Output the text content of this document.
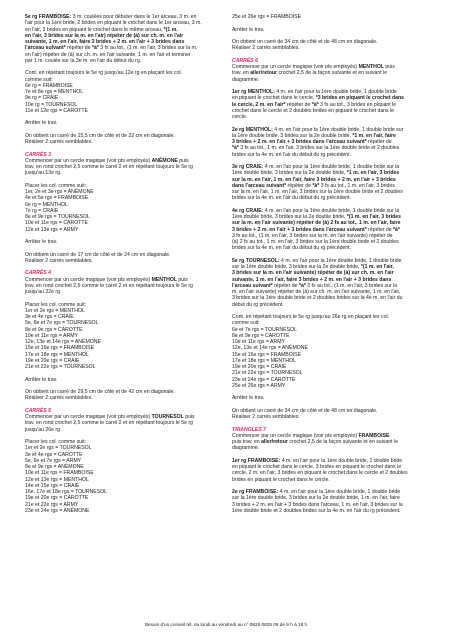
5e rg FRAMBOISE: 3 m. coulées pour débuter dans le 1er arceau, 3 m. en
l'air pour la 1ère bride, 2 brides en piquant le crochet dans le 1er arceau, 3 m.
en l'air, 3 brides en piquant le crochet dans le même arceau, *(1 m.
en l'air, 3 brides sur la m. en l'air) répéter de (à) sur ch. m. en l'air
suivante, 1 m. en l'air, faire 3 brides + 2 m. en l'air + 3 brides dans
l'arceau suivant* répéter de *à* 3 fs au tot., (1 m. en l'air, 3 brides sur la m.
en l'air) répéter de (à) sur ch. m. en l'air suivante, 1 m. en l'air et terminer
par 1 m. coulée sur la 3e m. en l'air du début du rg.
Cont. en répétant toujours le 5e rg jusqu'au 12e rg en plaçant les col.
comme suit:
6e rg = FRAMBOISE
7e et 8e rgs = MENTHOL
9e rg = CRAIE
10e rg = TOURNESOL
11e et 12e rgs = CAROTTE
Arrêter le trav.
On obtient un carré de 15,5 cm de côté et de 22 cm en diagonale.
Réaliser 2 carrés semblables.
CARRÉS 3
Commencer par un cercle magique (voir pts employés) ANÉMONE puis
trav. en rond crochet 2,5 comme le carré 2 et en répétant toujours le 5e rg
jusqu'au 13e rg.
Placer les col. comme suit:
1er, 2e et 3e rgs = ANÉMONE
4e et 5e rgs = FRAMBOISE
6e rg = MENTHOL
7e rg = CRAIE
8e et 9e rgs = TOURNESOL
10e et 11e rgs = CAROTTE
12e et 13e rgs = ARMY
Arrêter le trav.
On obtient un carré de 17 cm de côté et de 24 cm en diagonale.
Réaliser 2 carrés semblables.
CARRÉS 4
Commencer par un cercle magique (voir pts employés) MENTHOL puis
trav. en rond crochet 2,5 comme le carré 2 et en répétant toujours le 5e rg
jusqu'au 22e rg.
Placer les col. comme suit:
1er et 2e rgs = MENTHOL
3e et 4e rgs = CRAIE
5e, 6e et 7e rgs = TOURNESOL
8e et 9e rgs = CAROTTE
10e et 11e rgs = ARMY
12e, 13e et 14e rgs = ANÉMONE
15e et 16e rgs = FRAMBOISE
17e et 18e rgs = MENTHOL
19e et 20e rgs = CRAIE
21e et 22e rgs = TOURNESOL
Arrêter le trav.
On obtient un carré de 29,5 cm de côté et de 42 cm en diagonale.
Réaliser 2 carrés semblables.
CARRÉS 5
Commencer par un cercle magique (voir pts employés) TOURNESOL puis
trav. en rond crochet 2,5 comme le carré 2 et en répétant toujours le 5e rg
jusqu'au 26e rg.
Placer les col. comme suit:
1er et 2e rgs = TOURNESOL
3e et 4e rgs = CAROTTE
5e, 6e et 7e rgs = ARMY
8e et 9e rgs = ANÉMONE
10e et 11e rgs = FRAMBOISE
12e et 13e rgs = MENTHOL
14e et 15e rgs = CRAIE
16e, 17e et 18e rgs = TOURNESOL
19e et 20e rgs = CAROTTE
21e et 22e rgs = ARMY
23e et 24e rgs = ANÉMONE
25e et 26e rgs = FRAMBOISE
Arrêter le trav.
On obtient un carré de 34 cm de côté et de 48 cm en diagonale.
Réaliser 2 carrés semblables.
CARRÉS 6
Commencer par un cercle magique (voir pts employés) MENTHOL puis
trav. en aller/retour crochet 2,5 de la façon suivante et en suivant le
diagramme.
1er rg MENTHOL: 4 m. en l'air pour la 1ère double bride, 1 double bride
en piquant le crochet dans le cercle, *3 brides en piquant le crochet dans
le cercle, 2 m. en l'air* répéter de *à* 3 fs au tot., 3 brides en piquant le
crochet dans le cercle et 2 doubles brides en piquant le crochet dans le
cercle.
2e rg MENTHOL: 4 m. en l'air pour la 1ère double bride, 1 double bride sur
la 1ère double bride, 3 brides sur la 2e double bride, *1 m. en l'air, faire
3 brides + 2 m. en l'air + 3 brides dans l'arceau suivant* répéter de
*à* 3 fs au tot., 1 m. en l'air, 3 brides sur la 1ère double bride et 2 doubles
brides sur la 4e m. en l'air du début du rg précédent.
3e rg CRAIE: 4 m. en l'air pour la 1ère double bride, 1 double bride sur la
1ère double bride, 3 brides sur la 2e double bride, *1 m. en l'air, 3 brides
sur la m. en l'air, 1 m. en l'air, faire 3 brides + 2 m. en l'air + 3 brides
dans l'arceau suivant* répéter de *à* 3 fs au tot., 1 m. en l'air, 3 brides
sur la m. en l'air, 1 m. en l'air, 3 brides sur la 1ère double bride et 2 doubles
brides sur la 4e m. en l'air du début du rg précédent.
4e rg CRAIE: 4 m. en l'air pour la 1ère double bride, 1 double bride sur la
1ère double bride, 3 brides sur la 2e double bride, *(1 m. en l'air, 3 brides
sur la m. en l'air suivante) répéter de (à) 2 fs au tot., 1 m. en l'air, faire
3 brides + 2 m. en l'air + 3 brides dans l'arceau suivant* répéter de *à*
3 fs au tot., (1 m. en l'air, 3 brides sur la m. en l'air suivante) répéter de
(à) 2 fs au tot., 1 m. en l'air, 3 brides sur la 1ère double bride et 2 doubles
brides sur la 4e m. en l'air du début du rg précédent.
5e rg TOURNESOL: 4 m. en l'air pour la 1ère double bride, 1 double bride
sur la 1ère double bride, 3 brides sur la 2e double bride, *(1 m. en l'air,
3 brides sur la m. en l'air suivante) répéter de (à) sur ch. m. en l'air
suivante, 1 m. en l'air, faire 3 brides + 2 m. en l'air + 3 brides dans
l'arceau suivant* répéter de *à* 3 fs au tot., (1 m. en l'air, 3 brides sur la
m. en l'air suivante) répéter de (à) sur ch. m. en l'air suivante, 1 m. en l'air,
3 brides sur la 1ère double bride et 2 doubles brides sur la 4e m. en l'air du
début du rg précédent.
Cont. en répétant toujours le 5e rg jusqu'au 26e rg en plaçant les col.
comme suit:
6e et 7e rgs = TOURNESOL
8e et 9e rgs = CAROTTE
10e et 11e rgs = ARMY
12e, 13e et 14e rgs = ANÉMONE
15e et 16e rgs = FRAMBOISE
17e et 18e rgs = MENTHOL
19e et 20e rgs = CRAIE
21e et 22e rgs = TOURNESOL
23e et 24e rgs = CAROTTE
25e et 26e rgs = ARMY
Arrêter le trav.
On obtient un carré de 34 cm de côté et de 48 cm en diagonale.
Réaliser 2 carrés semblables.
TRIANGLES 7
Commencer par un cercle magique (voir pts employés) FRAMBOISE
puis trav. en aller/retour crochet 2,5 de la façon suivante et en suivant le
diagramme.
1er rg FRAMBOISE: 4 m. en l'air pour la 1ère double bride, 1 double bride
en piquant le crochet dans le cercle, 3 brides en piquant le crochet dans le
cercle, 2 m. en l'air, 3 brides en piquant le crochet dans le cercle et 2 doubles
brides en piquant le crochet dans le cercle.
2e rg FRAMBOISE: 4 m. en l'air pour la 1ère double bride, 1 double bride
sur la 1ère double bride, 3 brides sur la 2e double bride, 1 m. en l'air, faire
3 brides + 2 m. en l'air + 3 brides dans l'arceau, 1 m. en l'air, 3 brides sur la
1ère double bride et 2 doubles brides sur la 4e m. en l'air du rg précédent.
Besoin d'un conseil tél. du lundi au vendredi au n° 0825 0825 09 de 9 h à 18 h
